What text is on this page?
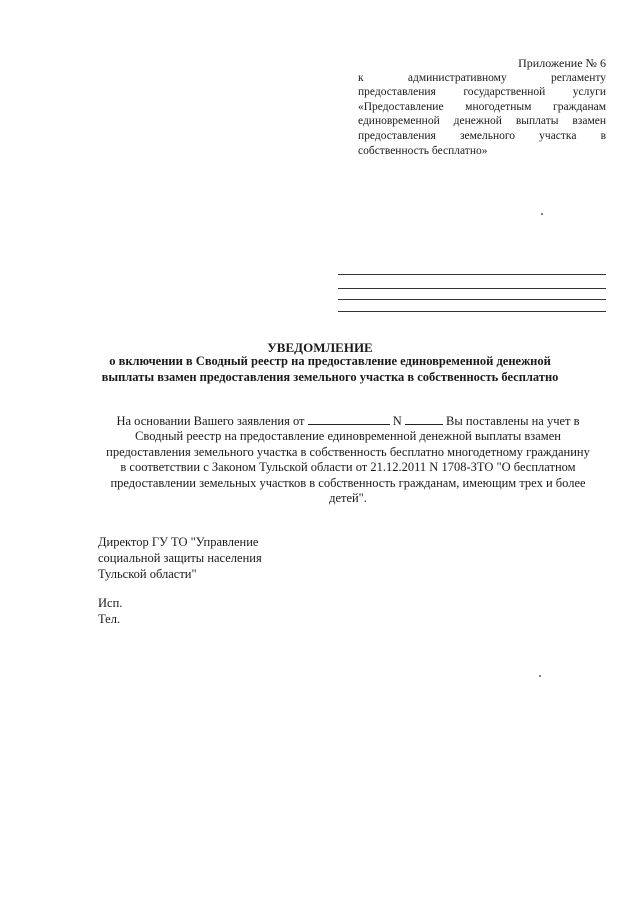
Приложение № 6
к административному регламенту
предоставления государственной услуги
«Предоставление многодетным гражданам
единовременной денежной выплаты взамен
предоставления земельного участка в
собственность бесплатно»
УВЕДОМЛЕНИЕ
о включении в Сводный реестр на предоставление единовременной денежной
выплаты взамен предоставления земельного участка в собственность бесплатно
На основании Вашего заявления от	N	Вы поставлены на учет в
Сводный реестр на предоставление единовременной денежной выплаты взамен
предоставления земельного участка в собственность бесплатно многодетному гражданину
в соответствии с Законом Тульской области от 21.12.2011 N 1708-ЗТО "О бесплатном
предоставлении земельных участков в собственность гражданам, имеющим трех и более
детей".
Директор ГУ ТО "Управление
социальной защиты населения
Тульской области"
Исп.
Тел.
